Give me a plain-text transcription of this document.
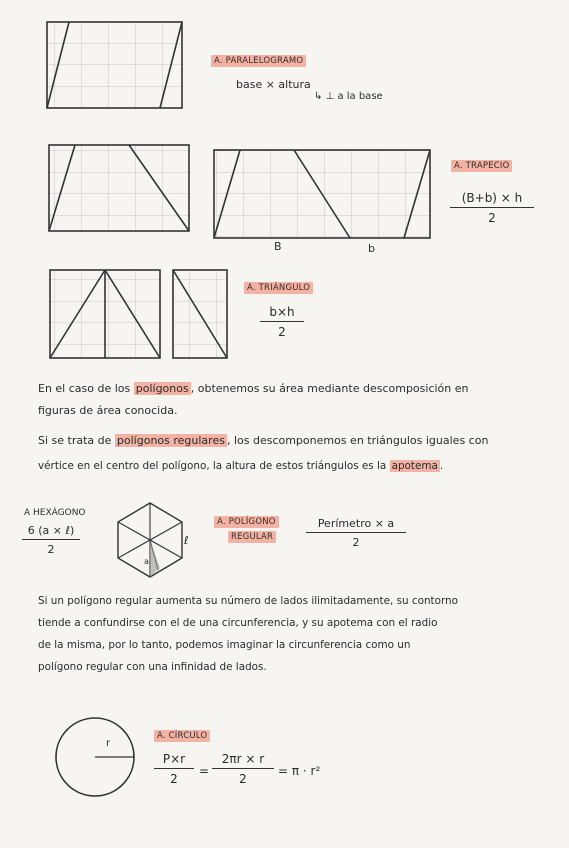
A. PARALELOGRAMO
base × altura
↳ ⊥ a la base
A. TRAPECIO
$\frac{(B+b) \times h}{2}$
B	b
A. TRIÁNGULO
$\frac{b\times h}{2}$
En el caso de los polígonos , obtenemos su área mediante descomposición en
figuras de área conocida.
Si se trata de polígonos regulares , los descomponemos en triángulos iguales con
vértice en el centro del polígono, la altura de estos triángulos es la apotema .
A HEXÁGONO
6 (a × ℓ)
2
ℓ
a
A. POLÍGONO
REGULAR
Perímetro × a
2
Si un polígono regular aumenta su número de lados ilimitadamente, su contorno
tiende a confundirse con el de una circunferencia, y su apotema con el radio
de la misma, por lo tanto, podemos imaginar la circunferencia como un
polígono regular con una infinidad de lados.
A. CÍRCULO
r
$\frac{P\times r}{2} = \frac{2\pi r \times r}{2} = \pi \cdot r^2$
